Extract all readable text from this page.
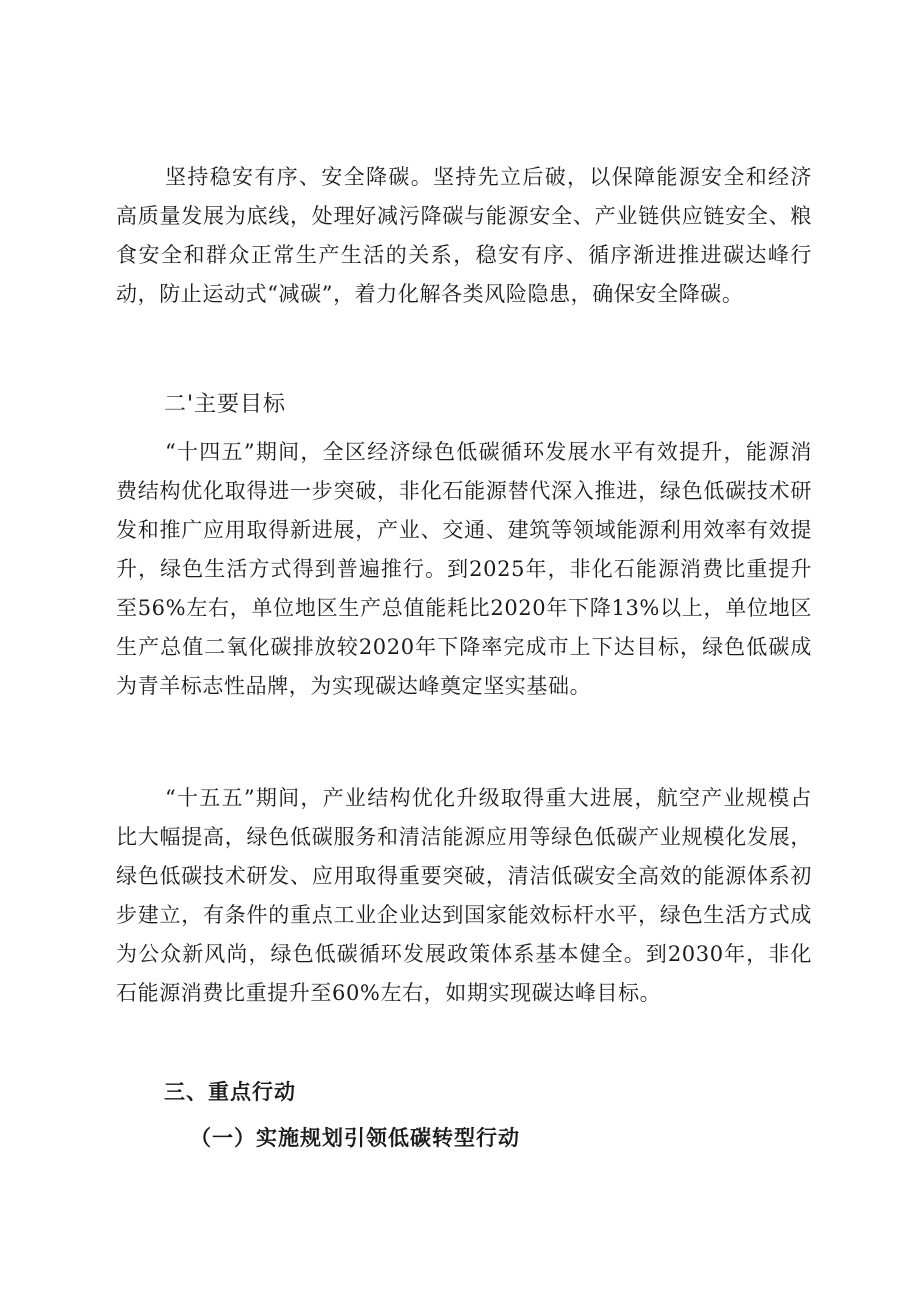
坚持稳安有序、安全降碳。坚持先立后破，以保障能源安全和经济高质量发展为底线，处理好减污降碳与能源安全、产业链供应链安全、粮食安全和群众正常生产生活的关系，稳安有序、循序渐进推进碳达峰行动，防止运动式“减碳”，着力化解各类风险隐患，确保安全降碳。

二'主要目标

“十四五”期间，全区经济绿色低碳循环发展水平有效提升，能源消费结构优化取得进一步突破，非化石能源替代深入推进，绿色低碳技术研发和推广应用取得新进展，产业、交通、建筑等领域能源利用效率有效提升，绿色生活方式得到普遍推行。到2025年，非化石能源消费比重提升至56%左右，单位地区生产总值能耗比2020年下降13%以上，单位地区生产总值二氧化碳排放较2020年下降率完成市上下达目标，绿色低碳成为青羊标志性品牌，为实现碳达峰奠定坚实基础。

“十五五”期间，产业结构优化升级取得重大进展，航空产业规模占比大幅提高，绿色低碳服务和清洁能源应用等绿色低碳产业规模化发展，绿色低碳技术研发、应用取得重要突破，清洁低碳安全高效的能源体系初步建立，有条件的重点工业企业达到国家能效标杆水平，绿色生活方式成为公众新风尚，绿色低碳循环发展政策体系基本健全。到2030年，非化石能源消费比重提升至60%左右，如期实现碳达峰目标。

三、重点行动
（一）实施规划引领低碳转型行动
